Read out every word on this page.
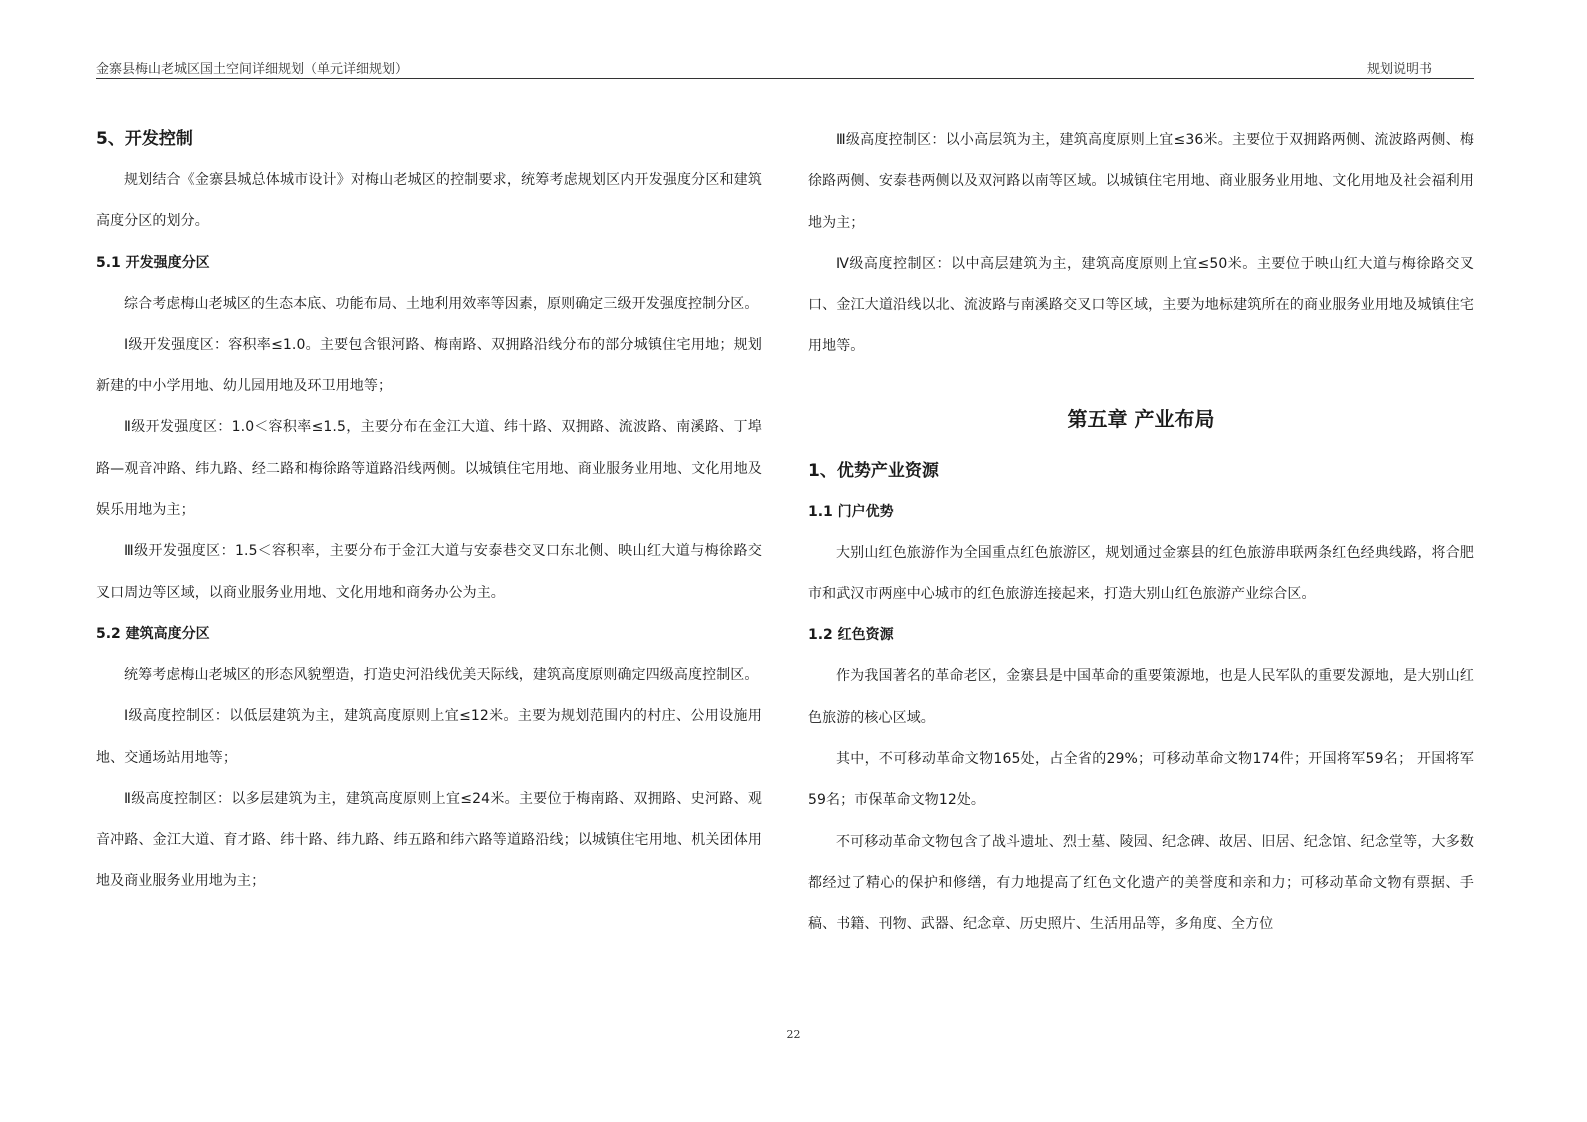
金寨县梅山老城区国土空间详细规划（单元详细规划）	规划说明书
5、开发控制

规划结合《金寨县城总体城市设计》对梅山老城区的控制要求，统筹考虑规划区内开发强度分区和建筑高度分区的划分。

5.1 开发强度分区

综合考虑梅山老城区的生态本底、功能布局、土地利用效率等因素，原则确定三级开发强度控制分区。

Ⅰ级开发强度区：容积率≤1.0。主要包含银河路、梅南路、双拥路沿线分布的部分城镇住宅用地；规划新建的中小学用地、幼儿园用地及环卫用地等；

Ⅱ级开发强度区：1.0＜容积率≤1.5，主要分布在金江大道、纬十路、双拥路、流波路、南溪路、丁埠路—观音冲路、纬九路、经二路和梅徐路等道路沿线两侧。以城镇住宅用地、商业服务业用地、文化用地及娱乐用地为主；

Ⅲ级开发强度区：1.5＜容积率，主要分布于金江大道与安泰巷交叉口东北侧、映山红大道与梅徐路交叉口周边等区域，以商业服务业用地、文化用地和商务办公为主。

5.2 建筑高度分区

统筹考虑梅山老城区的形态风貌塑造，打造史河沿线优美天际线，建筑高度原则确定四级高度控制区。

Ⅰ级高度控制区：以低层建筑为主，建筑高度原则上宜≤12米。主要为规划范围内的村庄、公用设施用地、交通场站用地等；

Ⅱ级高度控制区：以多层建筑为主，建筑高度原则上宜≤24米。主要位于梅南路、双拥路、史河路、观音冲路、金江大道、育才路、纬十路、纬九路、纬五路和纬六路等道路沿线；以城镇住宅用地、机关团体用地及商业服务业用地为主；

Ⅲ级高度控制区：以小高层筑为主，建筑高度原则上宜≤36米。主要位于双拥路两侧、流波路两侧、梅徐路两侧、安泰巷两侧以及双河路以南等区域。以城镇住宅用地、商业服务业用地、文化用地及社会福利用地为主；

Ⅳ级高度控制区：以中高层建筑为主，建筑高度原则上宜≤50米。主要位于映山红大道与梅徐路交叉口、金江大道沿线以北、流波路与南溪路交叉口等区域，主要为地标建筑所在的商业服务业用地及城镇住宅用地等。

第五章 产业布局
1、优势产业资源
1.1 门户优势

大别山红色旅游作为全国重点红色旅游区，规划通过金寨县的红色旅游串联两条红色经典线路，将合肥市和武汉市两座中心城市的红色旅游连接起来，打造大别山红色旅游产业综合区。

1.2 红色资源

作为我国著名的革命老区，金寨县是中国革命的重要策源地，也是人民军队的重要发源地，是大别山红色旅游的核心区域。

其中，不可移动革命文物165处，占全省的29%；可移动革命文物174件；开国将军59名； 开国将军59名；市保革命文物12处。

不可移动革命文物包含了战斗遗址、烈士墓、陵园、纪念碑、故居、旧居、纪念馆、纪念堂等，大多数都经过了精心的保护和修缮，有力地提高了红色文化遗产的美誉度和亲和力；可移动革命文物有票据、手稿、书籍、刊物、武器、纪念章、历史照片、生活用品等，多角度、全方位

22
